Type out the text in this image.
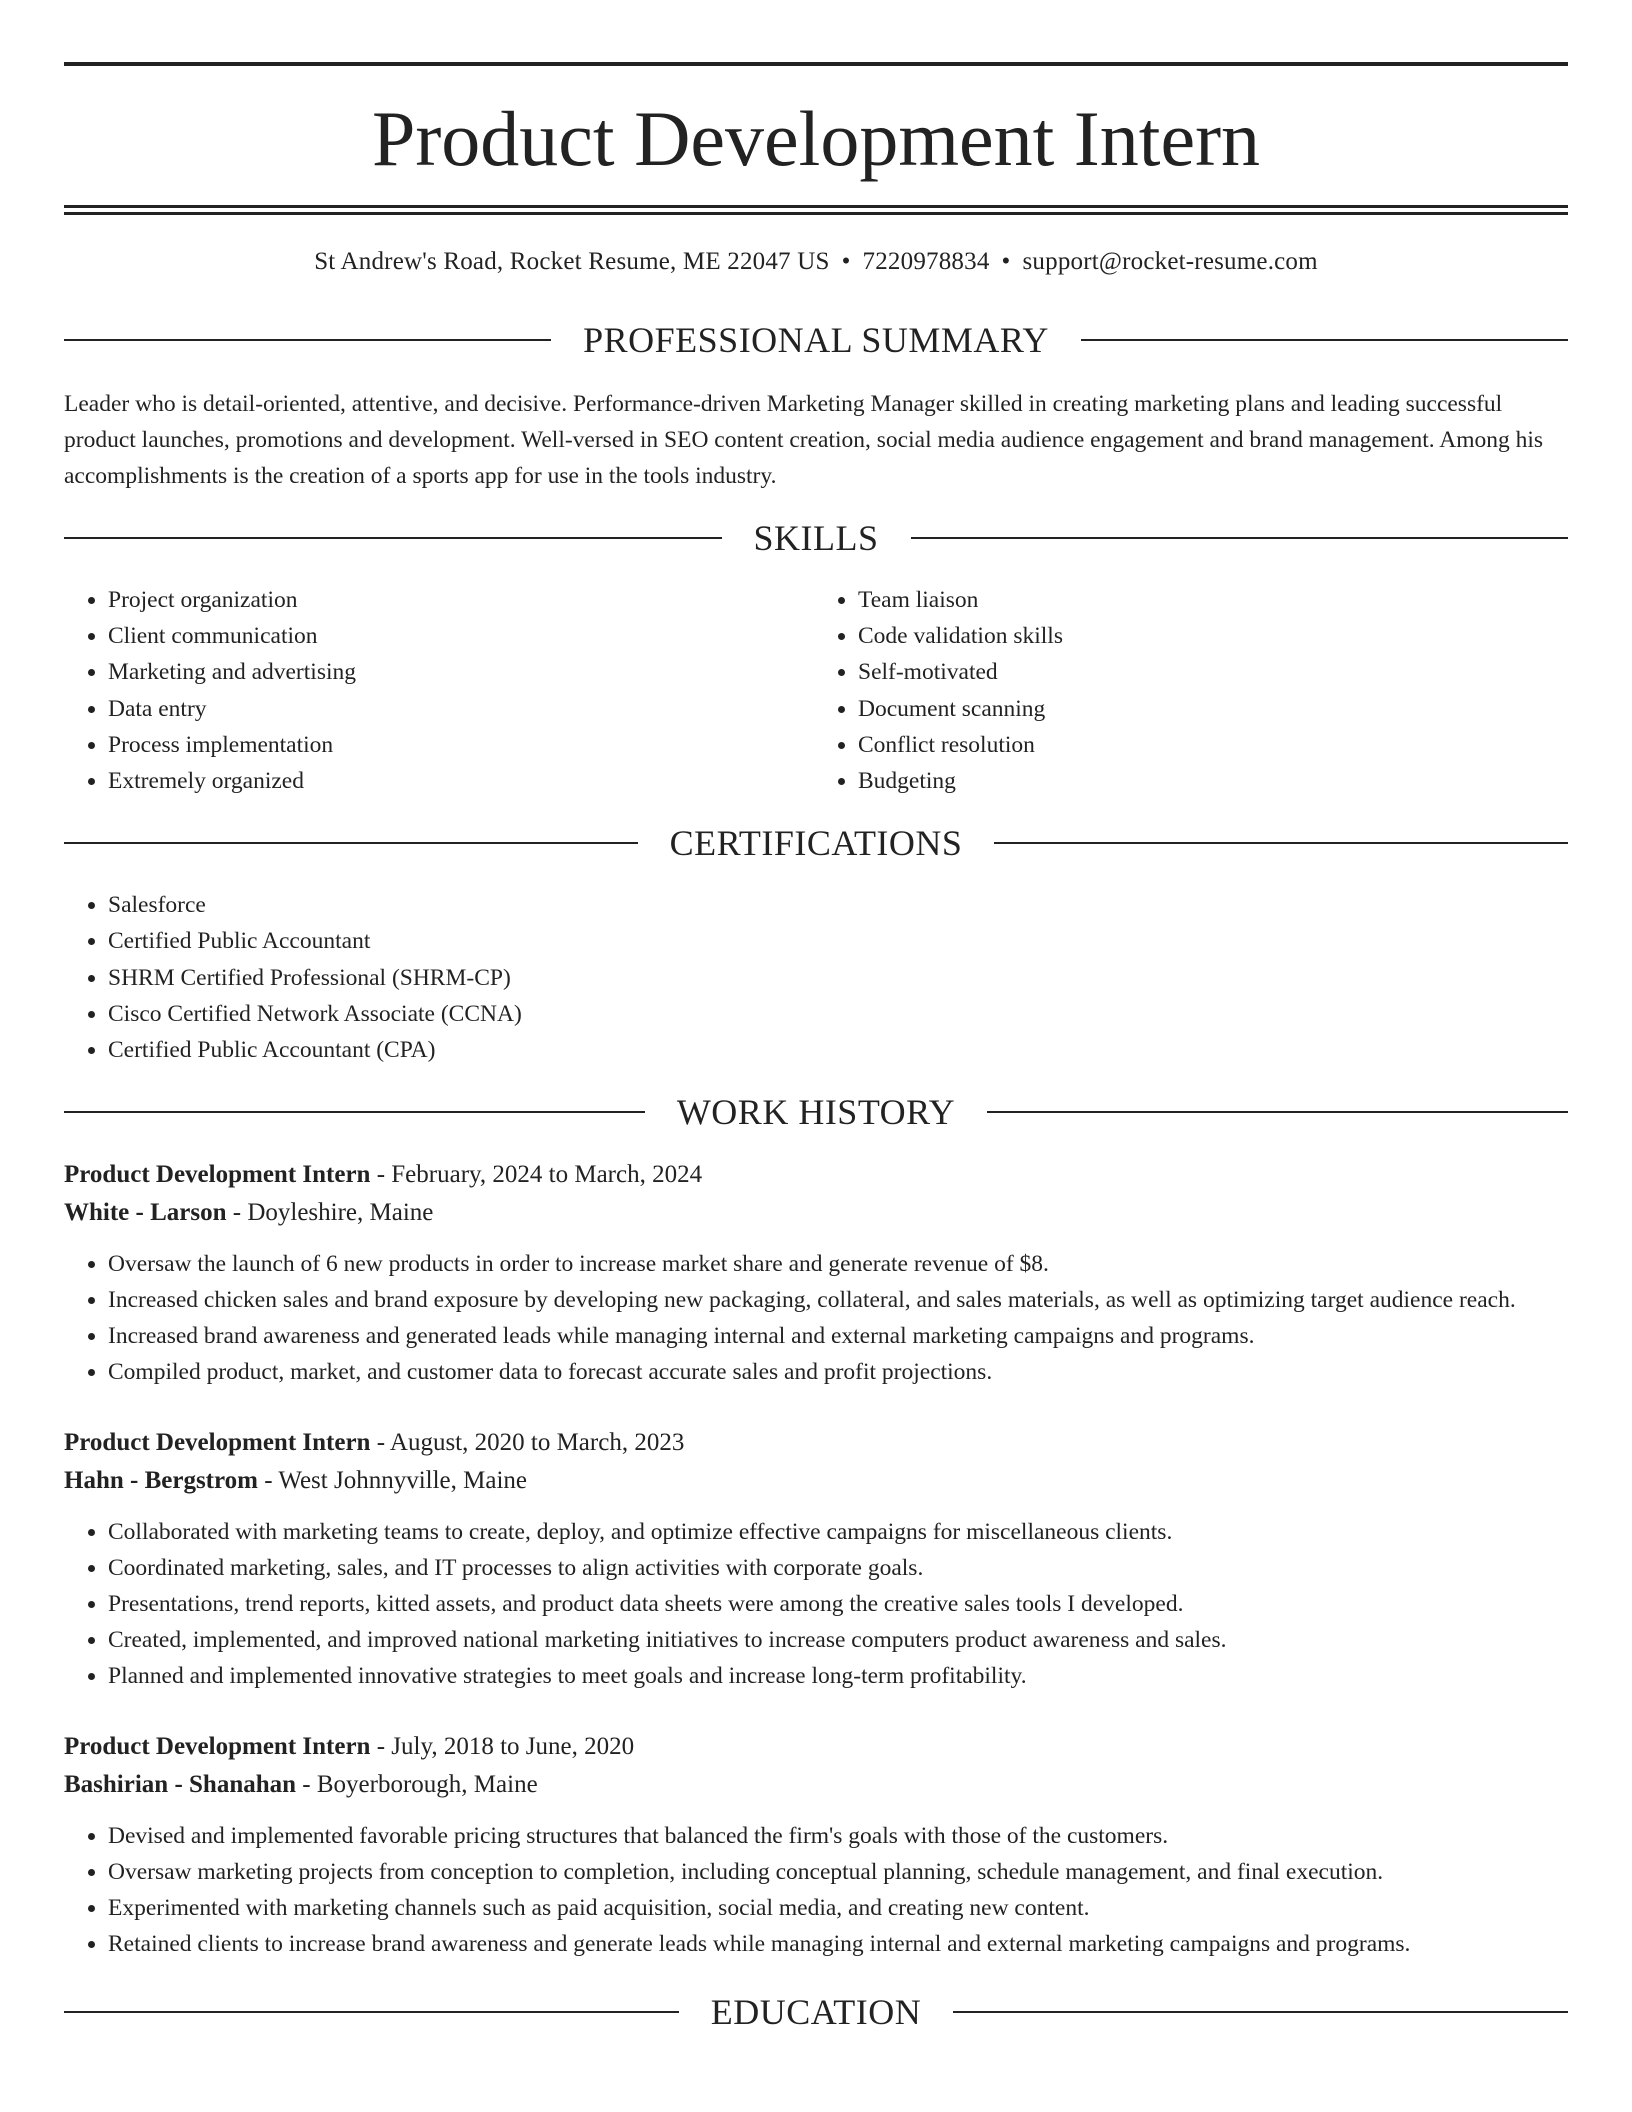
Product Development Intern
St Andrew's Road, Rocket Resume, ME 22047 US • 7220978834 • support@rocket-resume.com
PROFESSIONAL SUMMARY

Leader who is detail-oriented, attentive, and decisive. Performance-driven Marketing Manager skilled in creating marketing plans and leading successful product launches, promotions and development. Well-versed in SEO content creation, social media audience engagement and brand management. Among his accomplishments is the creation of a sports app for use in the tools industry.

SKILLS
• Project organization
• Client communication
• Marketing and advertising
• Data entry
• Process implementation
• Extremely organized
• Team liaison
• Code validation skills
• Self-motivated
• Document scanning
• Conflict resolution
• Budgeting
CERTIFICATIONS
• Salesforce
• Certified Public Accountant
• SHRM Certified Professional (SHRM-CP)
• Cisco Certified Network Associate (CCNA)
• Certified Public Accountant (CPA)
WORK HISTORY
Product Development Intern - February, 2024 to March, 2024
White - Larson - Doyleshire, Maine
• Oversaw the launch of 6 new products in order to increase market share and generate revenue of $8.
• Increased chicken sales and brand exposure by developing new packaging, collateral, and sales materials, as well as optimizing target audience reach.
• Increased brand awareness and generated leads while managing internal and external marketing campaigns and programs.
• Compiled product, market, and customer data to forecast accurate sales and profit projections.
Product Development Intern - August, 2020 to March, 2023
Hahn - Bergstrom - West Johnnyville, Maine
• Collaborated with marketing teams to create, deploy, and optimize effective campaigns for miscellaneous clients.
• Coordinated marketing, sales, and IT processes to align activities with corporate goals.
• Presentations, trend reports, kitted assets, and product data sheets were among the creative sales tools I developed.
• Created, implemented, and improved national marketing initiatives to increase computers product awareness and sales.
• Planned and implemented innovative strategies to meet goals and increase long-term profitability.
Product Development Intern - July, 2018 to June, 2020
Bashirian - Shanahan - Boyerborough, Maine
• Devised and implemented favorable pricing structures that balanced the firm's goals with those of the customers.
• Oversaw marketing projects from conception to completion, including conceptual planning, schedule management, and final execution.
• Experimented with marketing channels such as paid acquisition, social media, and creating new content.
• Retained clients to increase brand awareness and generate leads while managing internal and external marketing campaigns and programs.
EDUCATION
